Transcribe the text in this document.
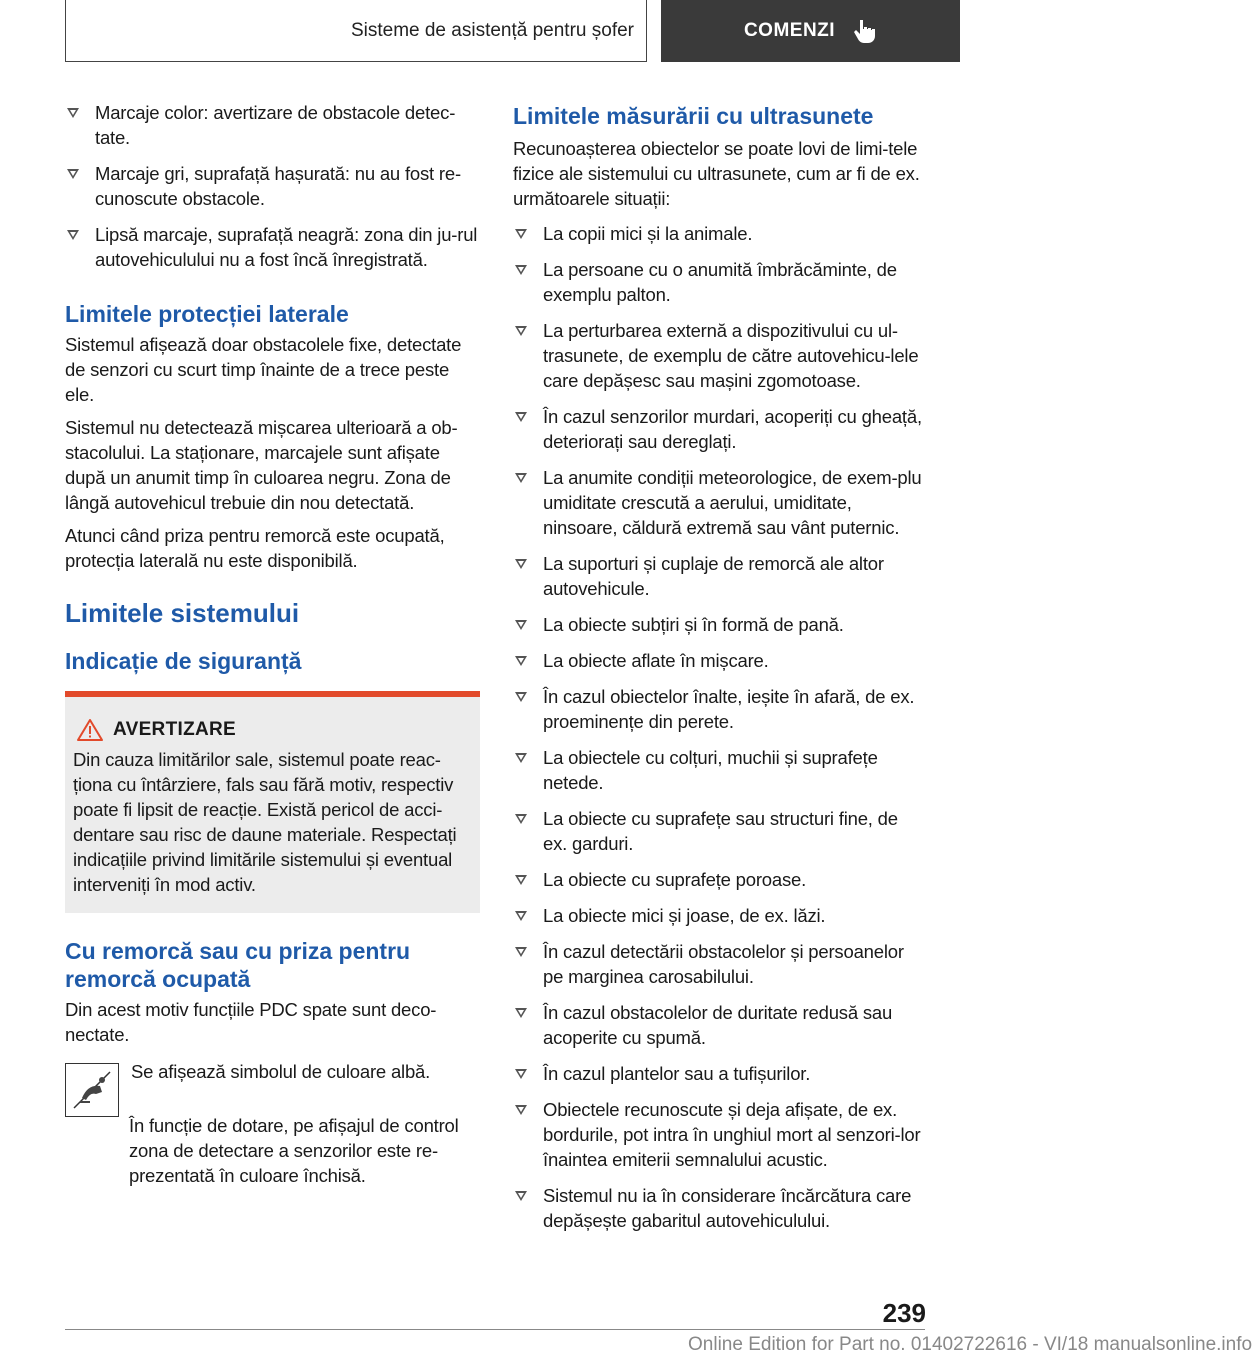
Sisteme de asistență pentru șofer	COMENZI
Marcaje color: avertizare de obstacole detec-tate.
Marcaje gri, suprafață hașurată: nu au fost re-cunoscute obstacole.
Lipsă marcaje, suprafață neagră: zona din ju-rul autovehiculului nu a fost încă înregistrată.
Limitele protecției laterale

Sistemul afișează doar obstacolele fixe, detectate de senzori cu scurt timp înainte de a trece peste ele.

Sistemul nu detectează mișcarea ulterioară a ob-stacolului. La staționare, marcajele sunt afișate după un anumit timp în culoarea negru. Zona de lângă autovehicul trebuie din nou detectată.

Atunci când priza pentru remorcă este ocupată, protecția laterală nu este disponibilă.

Limitele sistemului
Indicație de siguranță
AVERTIZARE
Din cauza limitărilor sale, sistemul poate reac-ționa cu întârziere, fals sau fără motiv, respectiv poate fi lipsit de reacție. Există pericol de acci-dentare sau risc de daune materiale. Respectați indicațiile privind limitările sistemului și eventual interveniți în mod activ.
Cu remorcă sau cu priza pentru remorcă ocupată

Din acest motiv funcțiile PDC spate sunt deco-nectate.

Se afișează simbolul de culoare albă.

În funcție de dotare, pe afișajul de control zona de detectare a senzorilor este re-prezentată în culoare închisă.

Limitele măsurării cu ultrasunete

Recunoașterea obiectelor se poate lovi de limi-tele fizice ale sistemului cu ultrasunete, cum ar fi de ex. următoarele situații:

La copii mici și la animale.
La persoane cu o anumită îmbrăcăminte, de exemplu palton.
La perturbarea externă a dispozitivului cu ul-trasunete, de exemplu de către autovehicu-lele care depășesc sau mașini zgomotoase.
În cazul senzorilor murdari, acoperiți cu gheață, deteriorați sau dereglați.
La anumite condiții meteorologice, de exem-plu umiditate crescută a aerului, umiditate, ninsoare, căldură extremă sau vânt puternic.
La suporturi și cuplaje de remorcă ale altor autovehicule.
La obiecte subțiri și în formă de pană.
La obiecte aflate în mișcare.
În cazul obiectelor înalte, ieșite în afară, de ex. proeminențe din perete.
La obiectele cu colțuri, muchii și suprafețe netede.
La obiecte cu suprafețe sau structuri fine, de ex. garduri.
La obiecte cu suprafețe poroase.
La obiecte mici și joase, de ex. lăzi.
În cazul detectării obstacolelor și persoanelor pe marginea carosabilului.
În cazul obstacolelor de duritate redusă sau acoperite cu spumă.
În cazul plantelor sau a tufișurilor.
Obiectele recunoscute și deja afișate, de ex. bordurile, pot intra în unghiul mort al senzori-lor înaintea emiterii semnalului acustic.
Sistemul nu ia în considerare încărcătura care depășește gabaritul autovehiculului.
239
Online Edition for Part no. 01402722616 - VI/18 manualsonline.info
